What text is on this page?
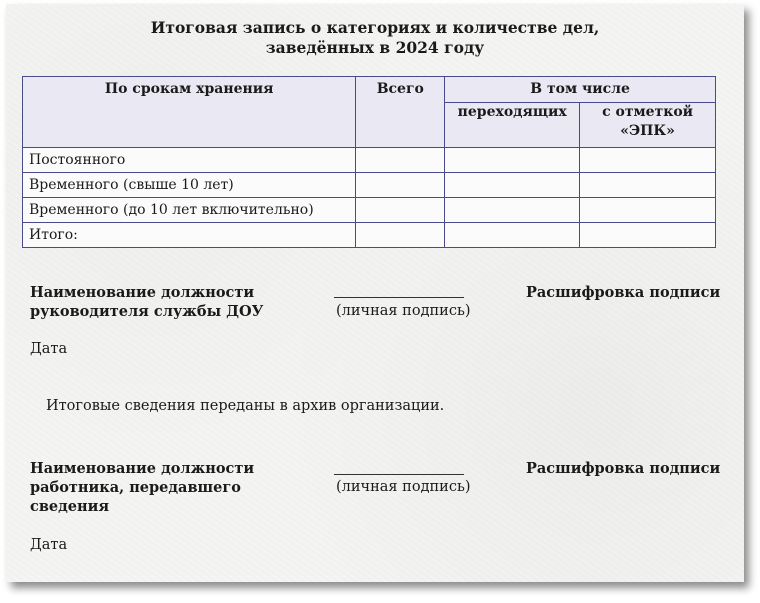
Итоговая запись о категориях и количестве дел,
заведённых в 2024 году
По срокам хранения	Всего	В том числе	
		переходящих	с отметкой «ЭПК»
Постоянного			
Временного (свыше 10 лет)			
Временного (до 10 лет включительно)			
Итого:			
Наименование должности
руководителя службы ДОУ	(личная подпись)
Расшифровка подписи
Дата
Итоговые сведения переданы в архив организации.
Наименование должности
работника, передавшего
сведения
(личная подпись)
Расшифровка подписи
Дата
